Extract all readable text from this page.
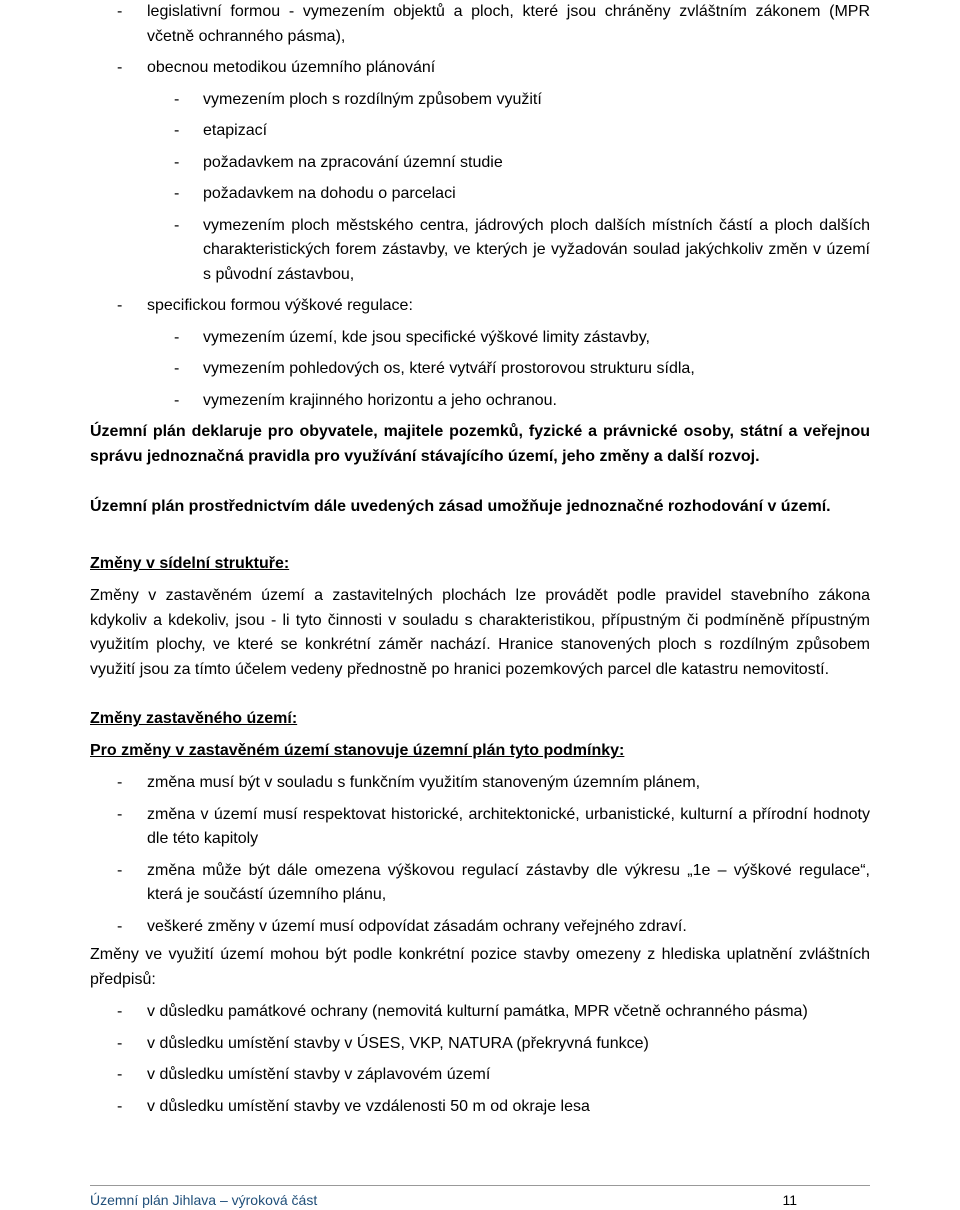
- legislativní formou - vymezením objektů a ploch, které jsou chráněny zvláštním zákonem (MPR včetně ochranného pásma),
- obecnou metodikou územního plánování
- vymezením ploch s rozdílným způsobem využití
- etapizací
- požadavkem na zpracování územní studie
- požadavkem na dohodu o parcelaci
- vymezením ploch městského centra, jádrových ploch dalších místních částí a ploch dalších charakteristických forem zástavby, ve kterých je vyžadován soulad jakýchkoliv změn v území s původní zástavbou,
- specifickou formou výškové regulace:
- vymezením území, kde jsou specifické výškové limity zástavby,
- vymezením pohledových os, které vytváří prostorovou strukturu sídla,
- vymezením krajinného horizontu a jeho ochranou.

Územní plán deklaruje pro obyvatele, majitele pozemků, fyzické a právnické osoby, státní a veřejnou správu jednoznačná pravidla pro využívání stávajícího území, jeho změny a další rozvoj.

Územní plán prostřednictvím dále uvedených zásad umožňuje jednoznačné rozhodování v území.

Změny v sídelní struktuře:

Změny v zastavěném území a zastavitelných plochách lze provádět podle pravidel stavebního zákona kdykoliv a kdekoliv, jsou - li tyto činnosti v souladu s charakteristikou, přípustným či podmíněně přípustným využitím plochy, ve které se konkrétní záměr nachází. Hranice stanovených ploch s rozdílným způsobem využití jsou za tímto účelem vedeny přednostně po hranici pozemkových parcel dle katastru nemovitostí.

Změny zastavěného území:

Pro změny v zastavěném území stanovuje územní plán tyto podmínky:

- změna musí být v souladu s funkčním využitím stanoveným územním plánem,
- změna v území musí respektovat historické, architektonické, urbanistické, kulturní a přírodní hodnoty dle této kapitoly
- změna může být dále omezena výškovou regulací zástavby dle výkresu „1e – výškové regulace“, která je součástí územního plánu,
- veškeré změny v území musí odpovídat zásadám ochrany veřejného zdraví.

Změny ve využití území mohou být podle konkrétní pozice stavby omezeny z hlediska uplatnění zvláštních předpisů:

- v důsledku památkové ochrany (nemovitá kulturní památka, MPR včetně ochranného pásma)
- v důsledku umístění stavby v ÚSES, VKP, NATURA (překryvná funkce)
- v důsledku umístění stavby v záplavovém území
- v důsledku umístění stavby ve vzdálenosti 50 m od okraje lesa
Územní plán Jihlava – výroková část	11
